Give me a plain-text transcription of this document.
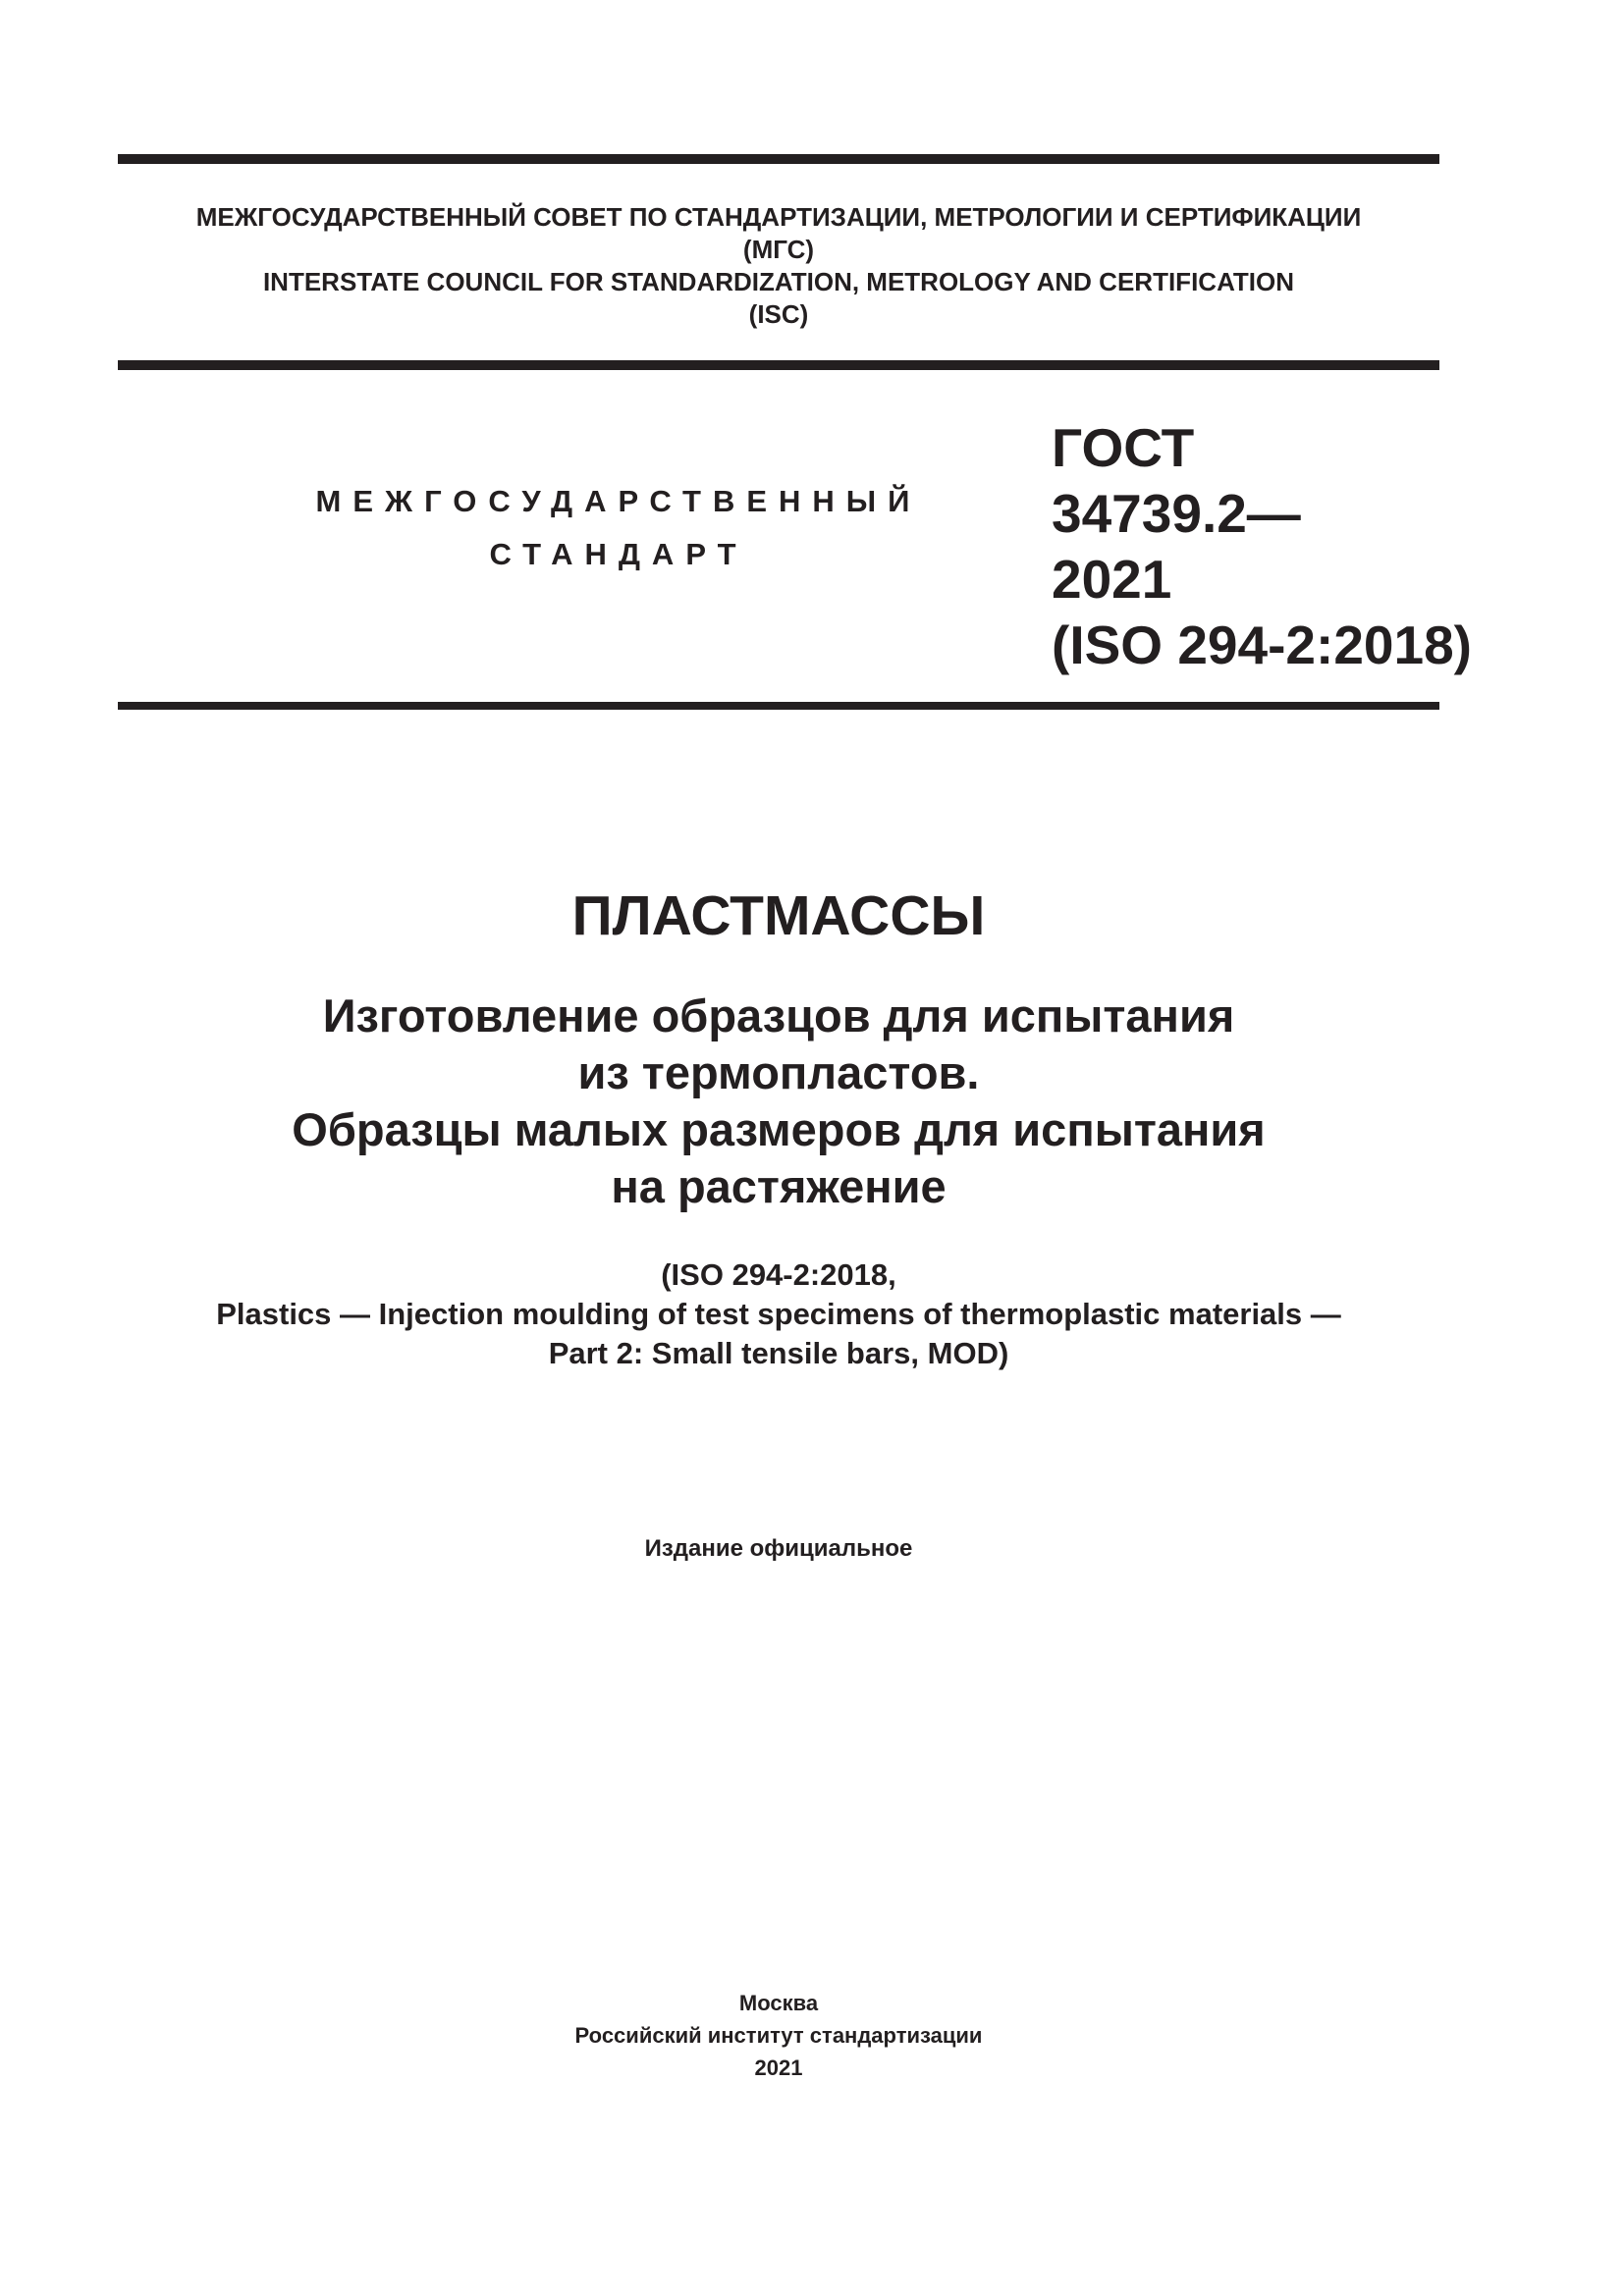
МЕЖГОСУДАРСТВЕННЫЙ СОВЕТ ПО СТАНДАРТИЗАЦИИ, МЕТРОЛОГИИ И СЕРТИФИКАЦИИ
(МГС)
INTERSTATE COUNCIL FOR STANDARDIZATION, METROLOGY AND CERTIFICATION
(ISC)
МЕЖГОСУДАРСТВЕННЫЙ
СТАНДАРТ
ГОСТ
34739.2—
2021
(ISO 294-2:2018)
ПЛАСТМАССЫ
Изготовление образцов для испытания
из термопластов.
Образцы малых размеров для испытания
на растяжение
(ISO 294-2:2018,
Plastics — Injection moulding of test specimens of thermoplastic materials —
Part 2: Small tensile bars, MOD)
Издание официальное
Москва
Российский институт стандартизации
2021
